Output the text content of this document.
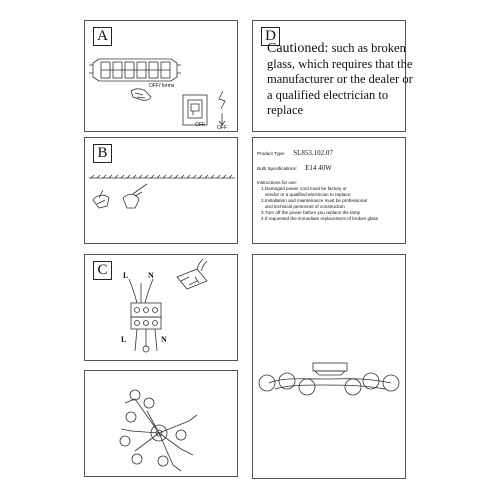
A
OFF/ forms
OFF OFF
D
Cautioned: such as broken glass, which requires that the manufacturer or the dealer or a qualified electrician to replace
B	Product Type: SL853.102.07
Bulb Specifications: E14 40W
Instructions for use:
1.Damaged power cord must be factory or
vendor or a qualified electrician to replace;
2.Installation and maintenance must be professional
and technical personnel of construction
3.Turn off the power before you replace the lamp
4.If requested the immediate replacement of broken glass
C	L N
L	N
